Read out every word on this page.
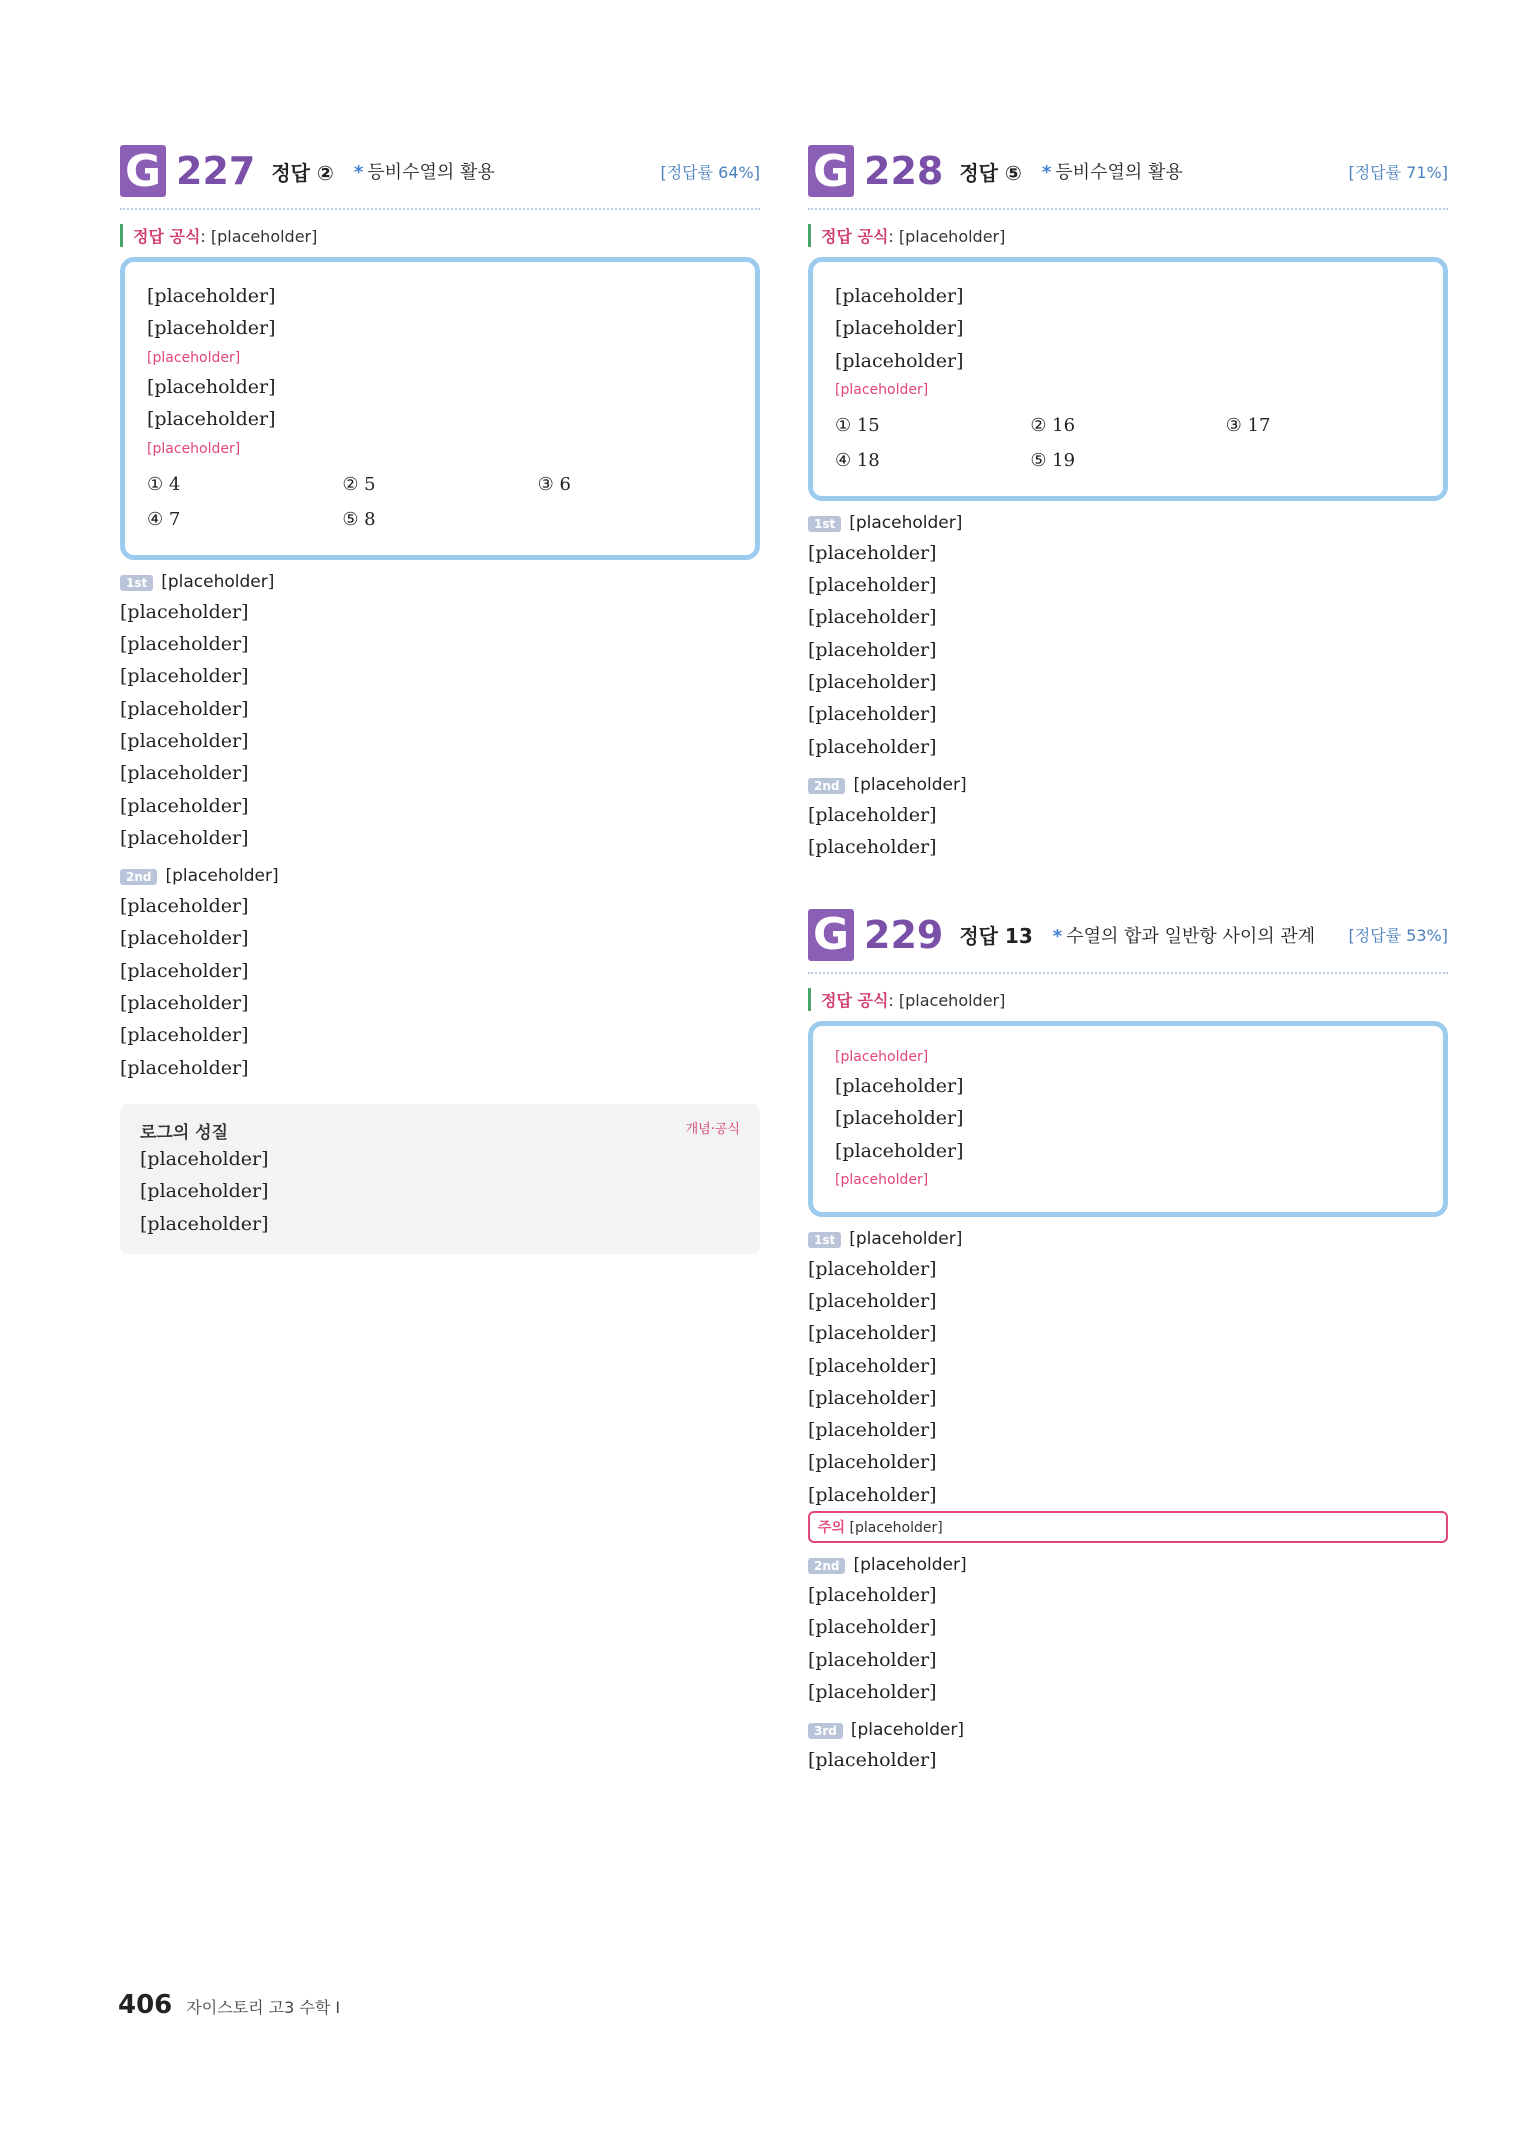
G 227 정답 ②	* 등비수열의 활용	[정답률 64%]
정답 공식: [placeholder]
[placeholder]
[placeholder]
[placeholder]
[placeholder]
[placeholder]
[placeholder]
① 4	② 5	③ 6
④ 7	⑤ 8
1st [placeholder]
[placeholder]
[placeholder]
[placeholder]
[placeholder]
[placeholder]
[placeholder]
[placeholder]
[placeholder]
2nd [placeholder]
[placeholder]
[placeholder]
[placeholder]
[placeholder]
[placeholder]
[placeholder]
개념·공식
로그의 성질
[placeholder]
[placeholder]
[placeholder]
G 228 정답 ⑤	* 등비수열의 활용	[정답률 71%]
정답 공식: [placeholder]
[placeholder]
[placeholder]
[placeholder]
[placeholder]
① 15	② 16	③ 17
④ 18	⑤ 19
1st [placeholder]
[placeholder]
[placeholder]
[placeholder]
[placeholder]
[placeholder]
[placeholder]
[placeholder]
2nd [placeholder]
[placeholder]
[placeholder]
G 229 정답 13	* 수열의 합과 일반항 사이의 관계 [정답률 53%]
정답 공식: [placeholder]
[placeholder]
[placeholder]
[placeholder]
[placeholder]
[placeholder]
1st [placeholder]
[placeholder]
[placeholder]
[placeholder]
[placeholder]
[placeholder]
[placeholder]
[placeholder]
[placeholder]
주의 [placeholder]
2nd [placeholder]
[placeholder]
[placeholder]
[placeholder]
[placeholder]
3rd [placeholder]
[placeholder]
406 자이스토리 고3 수학 I
